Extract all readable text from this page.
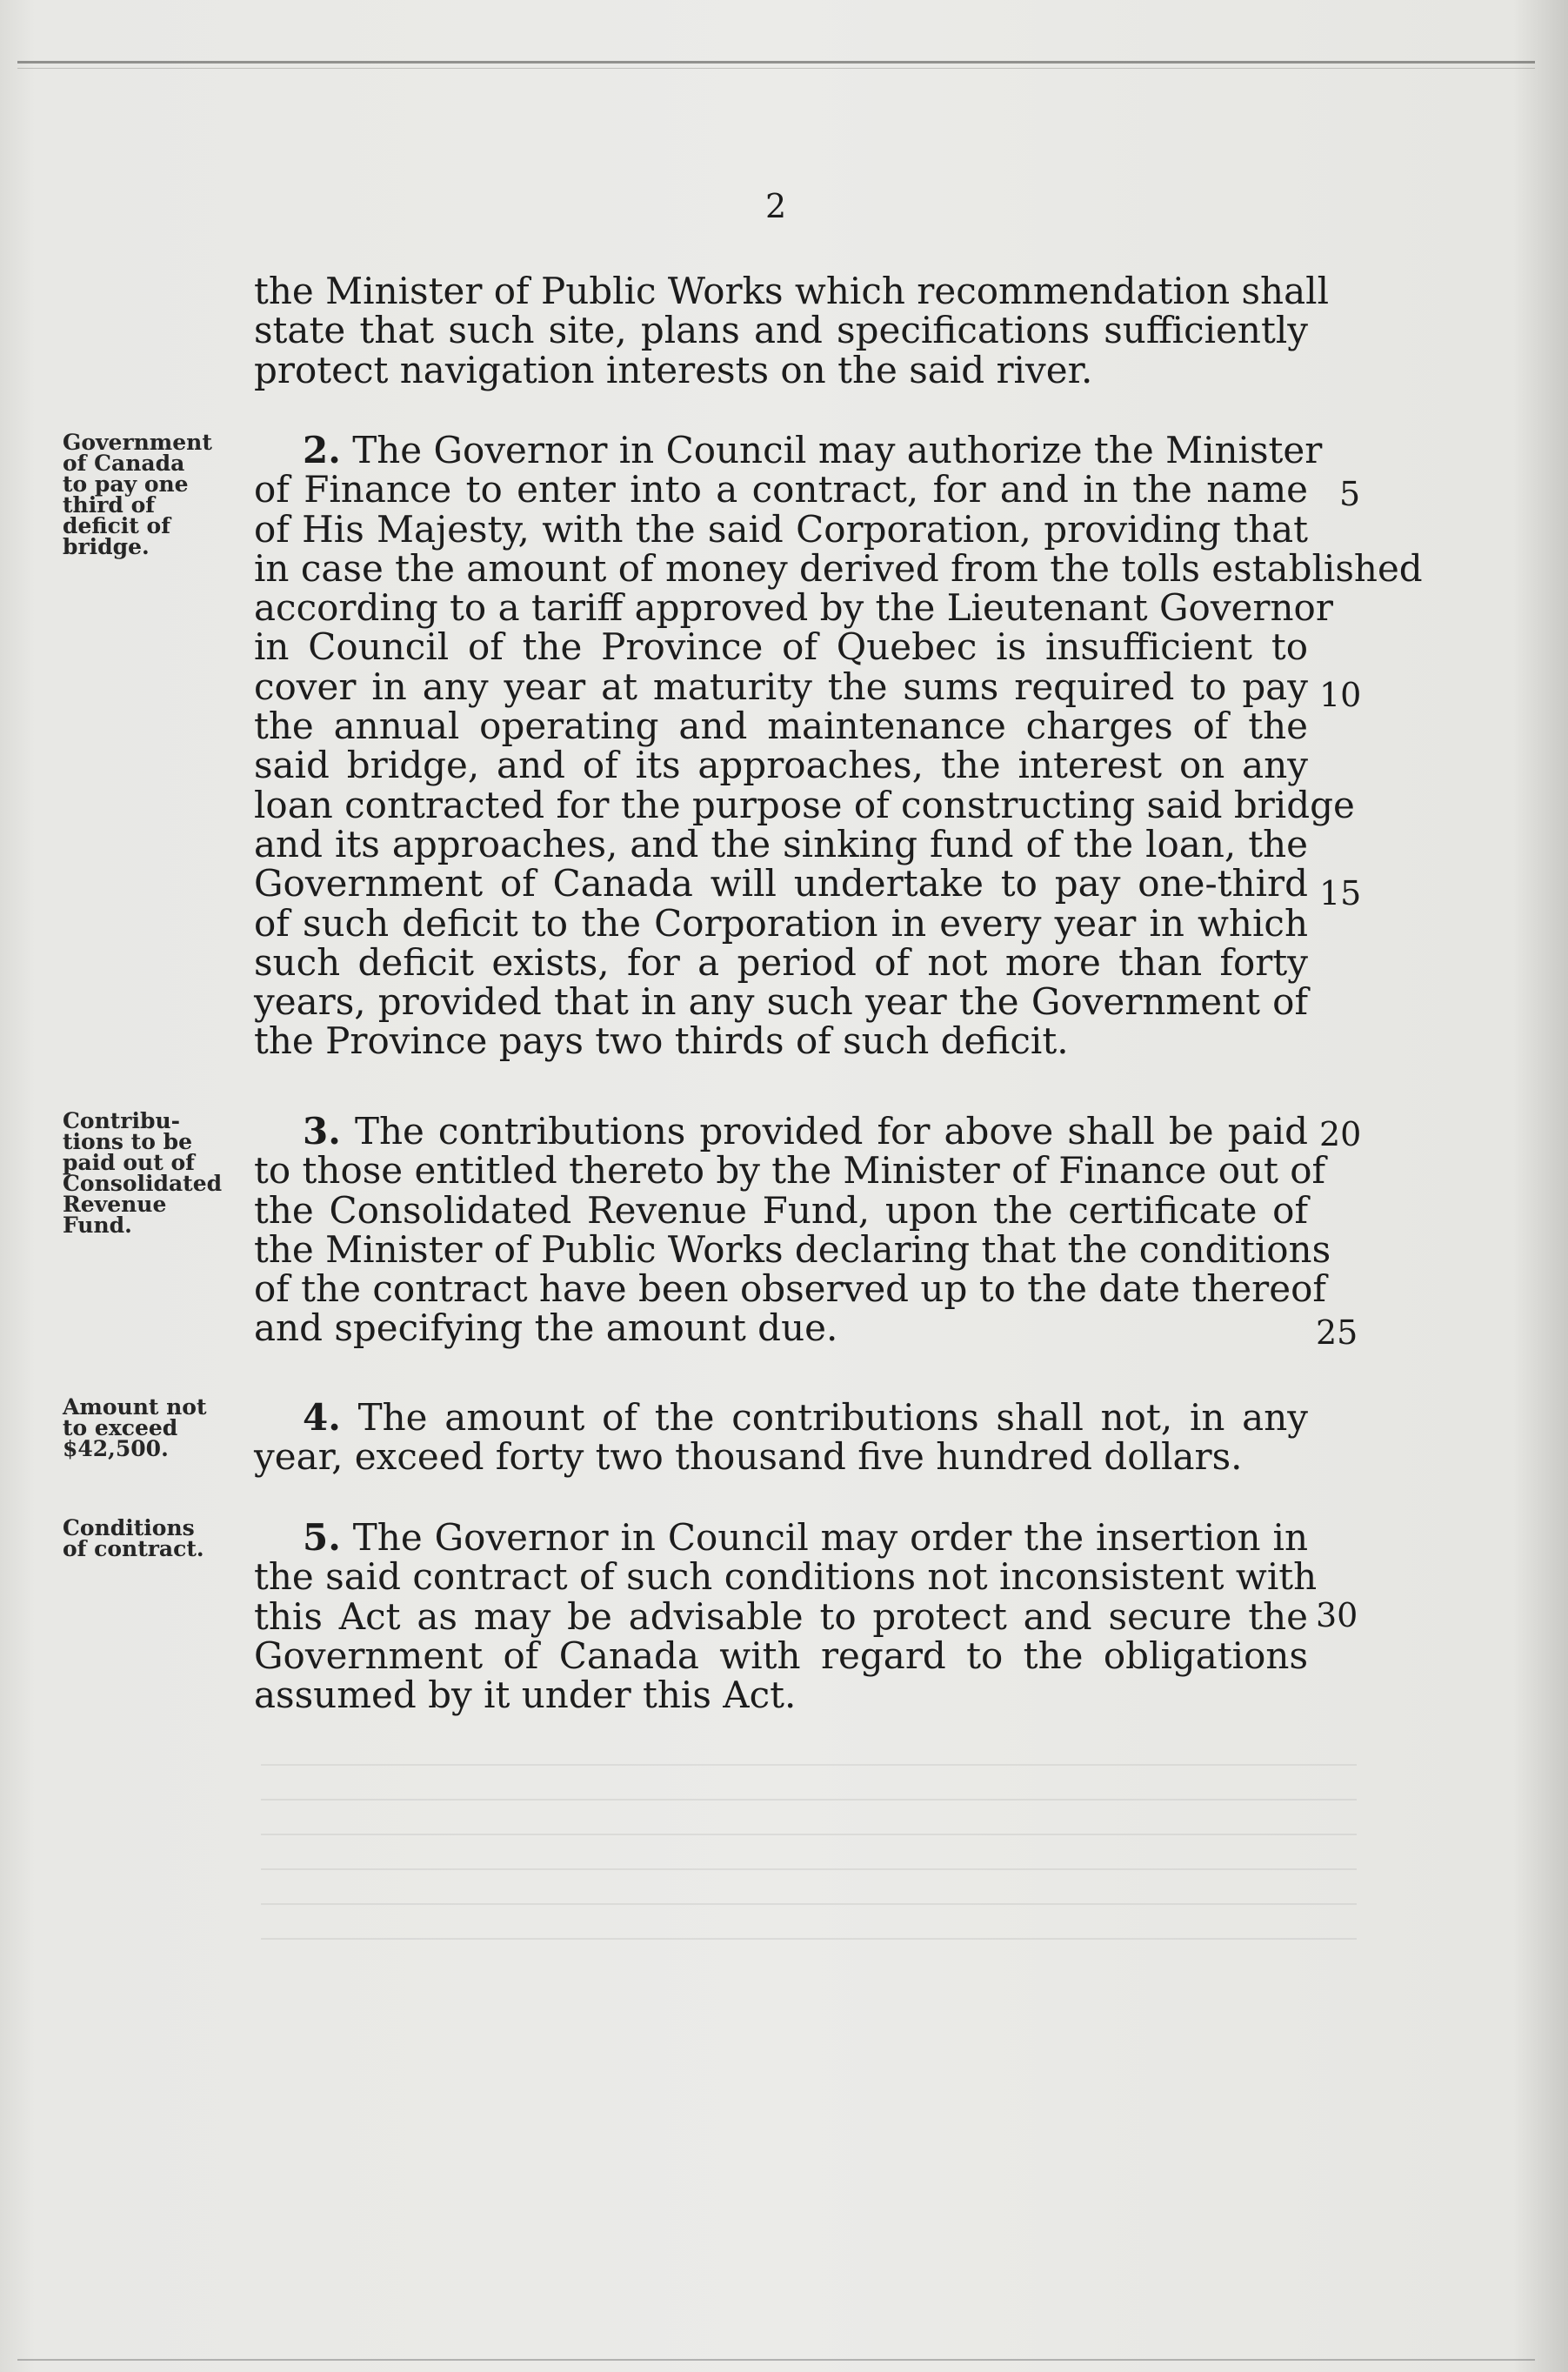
2
the Minister of Public Works which recommendation shall
state that such site, plans and specifications sufficiently
protect navigation interests on the said river.
Government
of Canada
to pay one
third of
deficit of
bridge.
2. The Governor in Council may authorize the Minister
of Finance to enter into a contract, for and in the name
of His Majesty, with the said Corporation, providing that
in case the amount of money derived from the tolls established
according to a tariff approved by the Lieutenant Governor
in Council of the Province of Quebec is insufficient to
cover in any year at maturity the sums required to pay
the annual operating and maintenance charges of the
said bridge, and of its approaches, the interest on any
loan contracted for the purpose of constructing said bridge
and its approaches, and the sinking fund of the loan, the
Government of Canada will undertake to pay one-third
of such deficit to the Corporation in every year in which
such deficit exists, for a period of not more than forty
years, provided that in any such year the Government of
the Province pays two thirds of such deficit.
Contribu-
tions to be
paid out of
Consolidated
Revenue
Fund.
3. The contributions provided for above shall be paid
to those entitled thereto by the Minister of Finance out of
the Consolidated Revenue Fund, upon the certificate of
the Minister of Public Works declaring that the conditions
of the contract have been observed up to the date thereof
and specifying the amount due.
Amount not
to exceed
$42,500.
4. The amount of the contributions shall not, in any
year, exceed forty two thousand five hundred dollars.
Conditions
of contract.	5. The Governor in Council may order the insertion in
the said contract of such conditions not inconsistent with
this Act as may be advisable to protect and secure the
Government of Canada with regard to the obligations
assumed by it under this Act.
5
10
15
20
25
30
